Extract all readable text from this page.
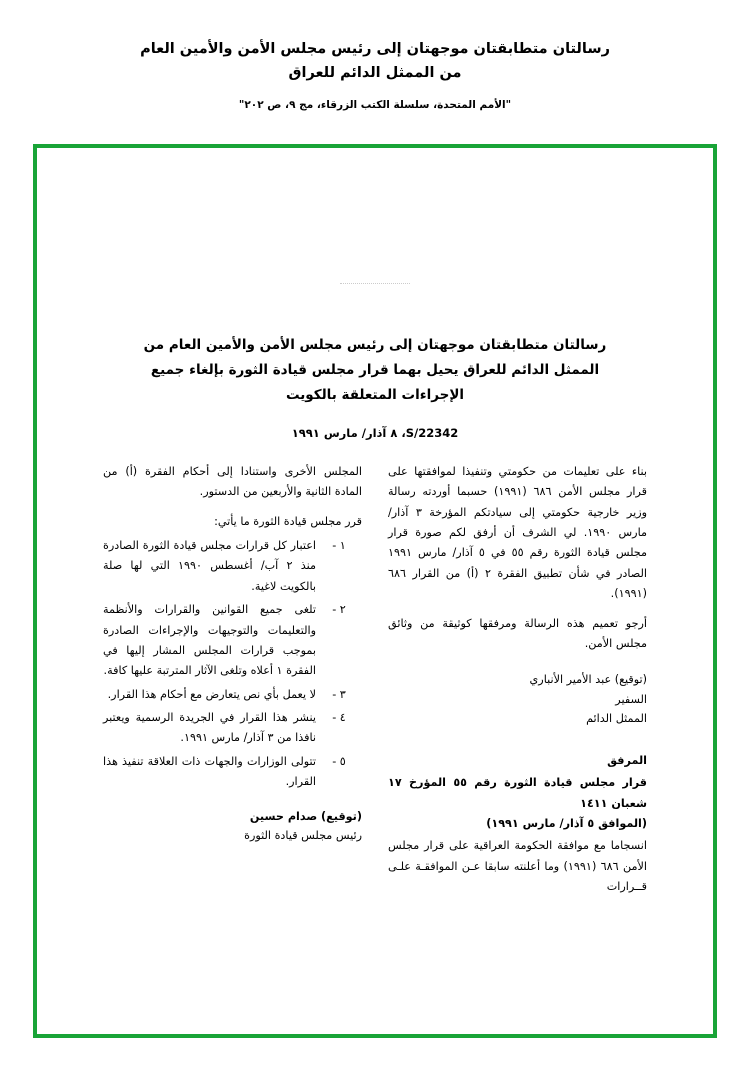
رسالتان متطابقتان موجهتان إلى رئيس مجلس الأمن والأمين العام
من الممثل الدائم للعراق
"الأمم المتحدة، سلسلة الكتب الزرقاء، مج ٩، ص ٢٠٢"
رسالتان متطابقتان موجهتان إلى رئيس مجلس الأمن والأمين العام من
الممثل الدائم للعراق يحيل بهما قرار مجلس قيادة الثورة بإلغاء جميع
الإجراءات المتعلقة بالكويت
S/22342، ٨ آذار/ مارس ١٩٩١

بناء على تعليمات من حكومتي وتنفيذا لموافقتها على قرار مجلس الأمن ٦٨٦ (١٩٩١) حسبما أوردته رسالة وزير خارجية حكومتي إلى سيادتكم المؤرخة ٣ آذار/ مارس ١٩٩٠. لي الشرف أن أرفق لكم صورة قرار مجلس قيادة الثورة رقم ٥٥ في ٥ آذار/ مارس ١٩٩١ الصادر في شأن تطبيق الفقرة ٢ (أ) من القرار ٦٨٦ (١٩٩١).

أرجو تعميم هذه الرسالة ومرفقها كوثيقة من وثائق مجلس الأمن.

(توقيع) عبد الأمير الأنباري
السفير
الممثل الدائم
المرفق
قرار مجلس قيادة الثورة رقم ٥٥ المؤرخ ١٧ شعبان ١٤١١
(الموافق ٥ آذار/ مارس ١٩٩١)
انسجاما مع موافقة الحكومة العراقية على قرار مجلس الأمن ٦٨٦ (١٩٩١) وما أعلنته سابقا عـن الموافقـة علـى قــرارات

المجلس الأخرى واستنادا إلى أحكام الفقرة (أ) من المادة الثانية والأربعين من الدستور.

قرر مجلس قيادة الثورة ما يأتي:

١ -
اعتبار كل قرارات مجلس قيادة الثورة الصادرة منذ ٢ آب/ أغسطس ١٩٩٠ التي لها صلة بالكويت لاغية.
٢ -
تلغى جميع القوانين والقرارات والأنظمة والتعليمات والتوجيهات والإجراءات الصادرة بموجب قرارات المجلس المشار إليها في الفقرة ١ أعلاه وتلغى الآثار المترتبة عليها كافة.
٣ -
لا يعمل بأي نص يتعارض مع أحكام هذا القرار.
٤ -
ينشر هذا القرار في الجريدة الرسمية ويعتبر نافذا من ٣ آذار/ مارس ١٩٩١.
٥ -
تتولى الوزارات والجهات ذات العلاقة تنفيذ هذا القرار.
(توقيع) صدام حسين
رئيس مجلس قيادة الثورة
